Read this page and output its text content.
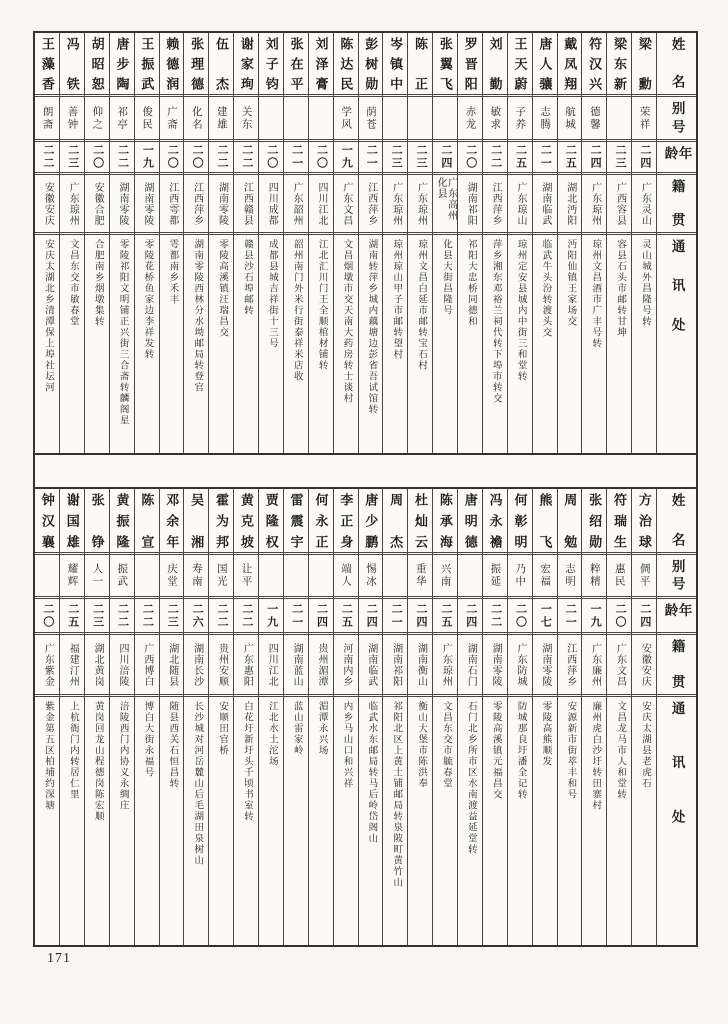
姓名
别号
年龄
籍贯
通讯处
梁勳
荣祥
二四
广东灵山
灵山城外昌隆号转
梁东新
二三
广西容县
容县石头市邮转甘坤
符汉兴
德馨
二四
广东琼州
琼州文昌酒市广丰号转
戴凤翔
航城
二五
湖北沔阳
沔阳仙镇王家场交
唐人骧
志腾
二一
湖南临武
临武牛头汾转渡头交
王天蔚
子养
二五
广东琼山
琼州定安县城内中街三和堂转
刘勤
敏求
二二
江西萍乡
萍乡湘东邓裕兰祠代转下埠市转交
罗晋阳
赤龙
二〇
湖南祁阳
祁阳大忠桥同德和
张翼飞
二四
广东高州化县
化县大街昌隆号
陈正
二三
广东琼州
琼州文昌白延市邮转宝石村
岑镇中
二三
广东琼州
琼州琼山甲子市邮转望村
彭树勋
荫苍
二一
江西萍乡
湖南转萍乡城内藕塘边彭省吾试馆转
陈达民
学风
一九
广东文昌
文昌烟墩市交天南大药房转士谈村
刘泽膏
二〇
四川江北
江北汇川门王全顺棺材铺转
张在平
二一
广东韶州
韶州南门外米行街泰祥米店收
刘子钧
二〇
四川成都
成都县城吉祥街十三号
谢家珣
关东
二二
江西赣县
赣县沙石埠邮转
伍杰
建雄
二二
湖南零陵
零陵高溪镇汪瑞昌交
张理德
化名
二〇
江西萍乡
湖南零陵西林分水坳邮局转登官
赖德润
广斋
二〇
江西雩都
雩都南乡禾丰
王振武
俊民
一九
湖南零陵
零陵花桥鱼家边李祥发转
唐步陶
祁亭
二二
湖南零陵
零陵祁阳文明铺正兴街三合斋转麟阁星
胡昭恕
仰之
二〇
安徽合肥
合肥南乡烟墩集转
冯铁
善钟
二三
广东琼州
文昌东交市敏春堂
王藻香
朗斋
二二
安徽安庆
安庆太湖北乡清潭保上埠社坛河
姓名
别号
年龄
籍贯
通讯处
方治球
倜平
二四
安徽安庆
安庆太湖县老虎石
符瑞生
惠民
二〇
广东文昌
文昌龙马市人和堂转
张绍勋
粹精
一九
广东廉州
廉州虎白沙圩转田寨村
周勉
志明
二一
江西萍乡
安源新市街萃丰和号
熊飞
宏福
一七
湖南零陵
零陵高熊顺发
何彰明
乃中
二〇
广东防城
防城那良圩潘全记转
冯永襜
振延
二二
湖南零陵
零陵高溪镇元福昌交
唐明德
二四
湖南石门
石门北乡所市区水南渡益延堂转
陈承海
兴南
二五
广东琼州
文昌东交市毓春堂
杜灿云
重华
二四
湖南衡山
衡山大堡市陈洪奉
周杰
二一
湖南祁阳
祁阳北区上黄土铺邮局转泉陂町黄竹山
唐少鹏
惕冰
二四
湖南临武
临武水东邮局转马后岭岱阁山
李正身
端人
二五
河南内乡
内乡马山口和兴祥
何永正
二四
贵州湄潭
湄潭永兴场
雷震宇
二一
湖南蓝山
蓝山雷家岭
贾隆权
一九
四川江北
江北水土沱场
黄克坡
让平
二二
广东惠阳
白花圩新圩头千顷书室转
霍为邦
国光
二二
贵州安顺
安顺田官桥
吴湘
寿南
二六
湖南长沙
长沙城对河岳麓山后毛湖田泉树山
邓余年
庆堂
二三
湖北随县
随县西关石恒昌转
陈宣
二二
广西博白
博白大街永福号
黄振隆
振武
二二
四川涪陵
涪陵西门内协义永绸庄
张铮
人一
二三
湖北黄岗
黄岗回龙山程德岗陈宏顺
谢国雄
耀辉
二五
福建汀州
上杭衙门内转居仁里
钟汉襄
二〇
广东紫金
紫金第五区柏埔约深塘
171
